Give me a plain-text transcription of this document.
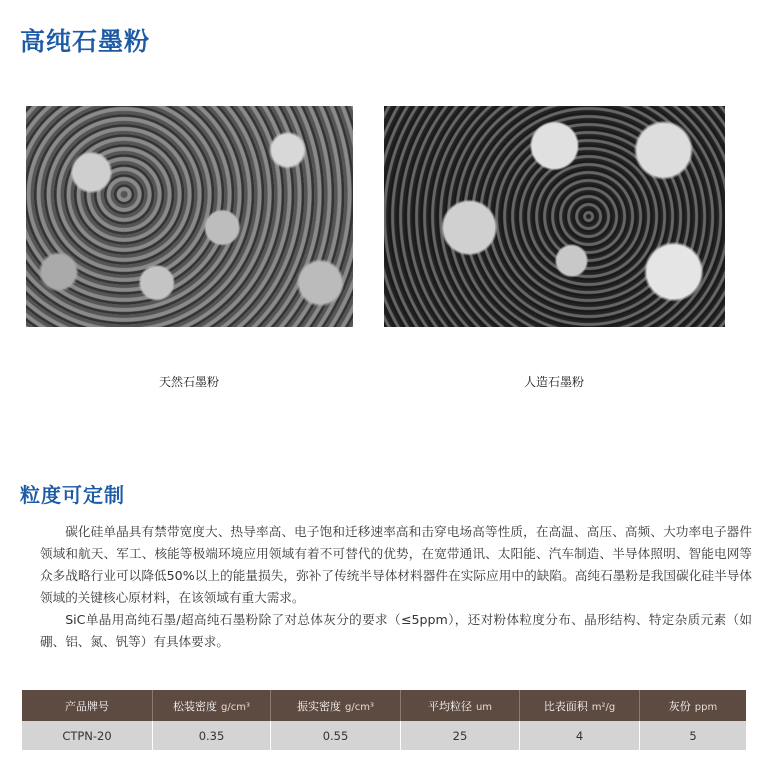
高纯石墨粉
天然石墨粉	人造石墨粉
粒度可定制

碳化硅单晶具有禁带宽度大、热导率高、电子饱和迁移速率高和击穿电场高等性质，在高温、高压、高频、大功率电子器件领域和航天、军工、核能等极端环境应用领域有着不可替代的优势，在宽带通讯、太阳能、汽车制造、半导体照明、智能电网等众多战略行业可以降低50%以上的能量损失，弥补了传统半导体材料器件在实际应用中的缺陷。高纯石墨粉是我国碳化硅半导体领域的关键核心原材料，在该领域有重大需求。

SiC单晶用高纯石墨/超高纯石墨粉除了对总体灰分的要求（≤5ppm），还对粉体粒度分布、晶形结构、特定杂质元素（如硼、铝、氮、钒等）有具体要求。

产品牌号	松装密度 g/cm³	振实密度 g/cm³	平均粒径 um	比表面积 m²/g	灰份 ppm
CTPN-20	0.35	0.55	25	4	5
